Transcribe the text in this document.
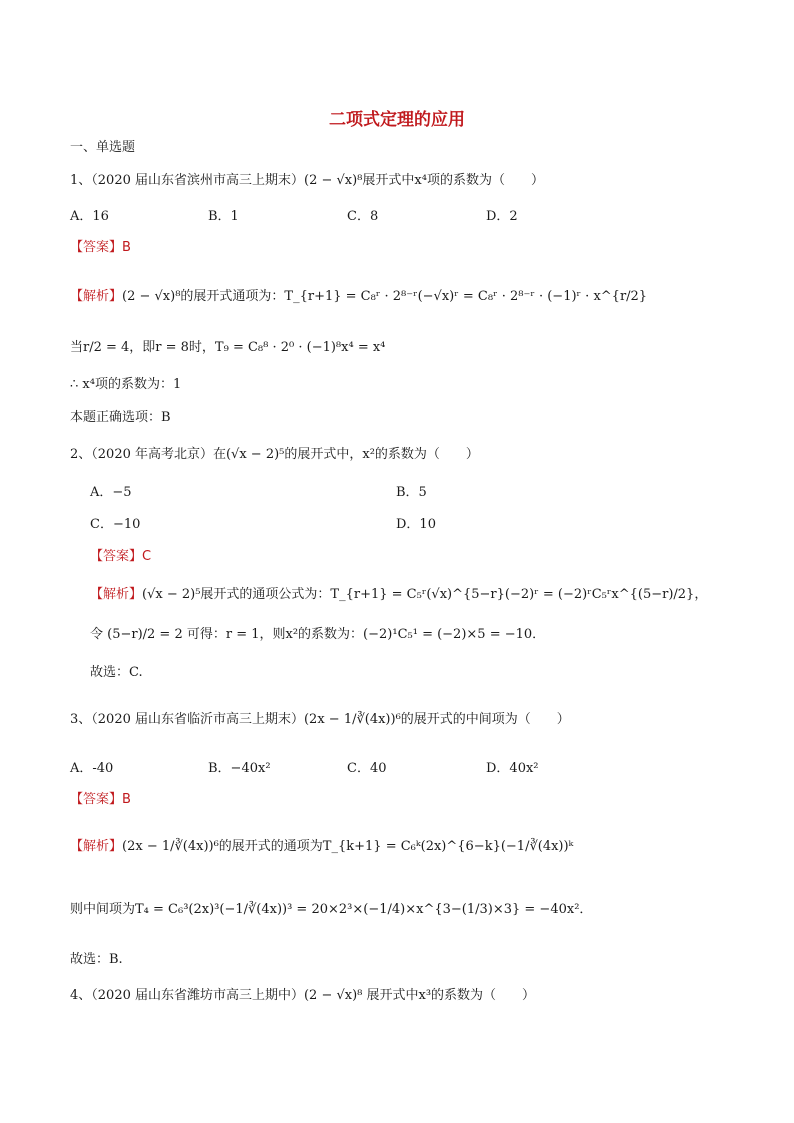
二项式定理的应用
一、单选题
1、（2020 届山东省滨州市高三上期末）(2 − √x)⁸展开式中x⁴项的系数为（　　）
A．16	B．1	C．8	D．2
【答案】B
【解析】(2 − √x)⁸的展开式通项为：T_{r+1} = C₈ʳ · 2⁸⁻ʳ(−√x)ʳ = C₈ʳ · 2⁸⁻ʳ · (−1)ʳ · x^{r/2}
当r/2 = 4，即r = 8时，T₉ = C₈⁸ · 2⁰ · (−1)⁸x⁴ = x⁴
∴ x⁴项的系数为：1
本题正确选项：B
2、（2020 年高考北京）在(√x − 2)⁵的展开式中，x²的系数为（　　）
A．−5	B．5
C．−10	D．10
【答案】C
【解析】(√x − 2)⁵展开式的通项公式为：T_{r+1} = C₅ʳ(√x)^{5−r}(−2)ʳ = (−2)ʳC₅ʳx^{(5−r)/2}，
令 (5−r)/2 = 2 可得：r = 1，则x²的系数为：(−2)¹C₅¹ = (−2)×5 = −10．
故选：C.
3、（2020 届山东省临沂市高三上期末）(2x − 1/∛(4x))⁶的展开式的中间项为（　　）
A．-40	B．−40x²	C．40	D．40x²
【答案】B
【解析】(2x − 1/∛(4x))⁶的展开式的通项为T_{k+1} = C₆ᵏ(2x)^{6−k}(−1/∛(4x))ᵏ
则中间项为T₄ = C₆³(2x)³(−1/∛(4x))³ = 20×2³×(−1/4)×x^{3−(1/3)×3} = −40x²．
故选：B.
4、（2020 届山东省潍坊市高三上期中）(2 − √x)⁸ 展开式中x³的系数为（　　）
